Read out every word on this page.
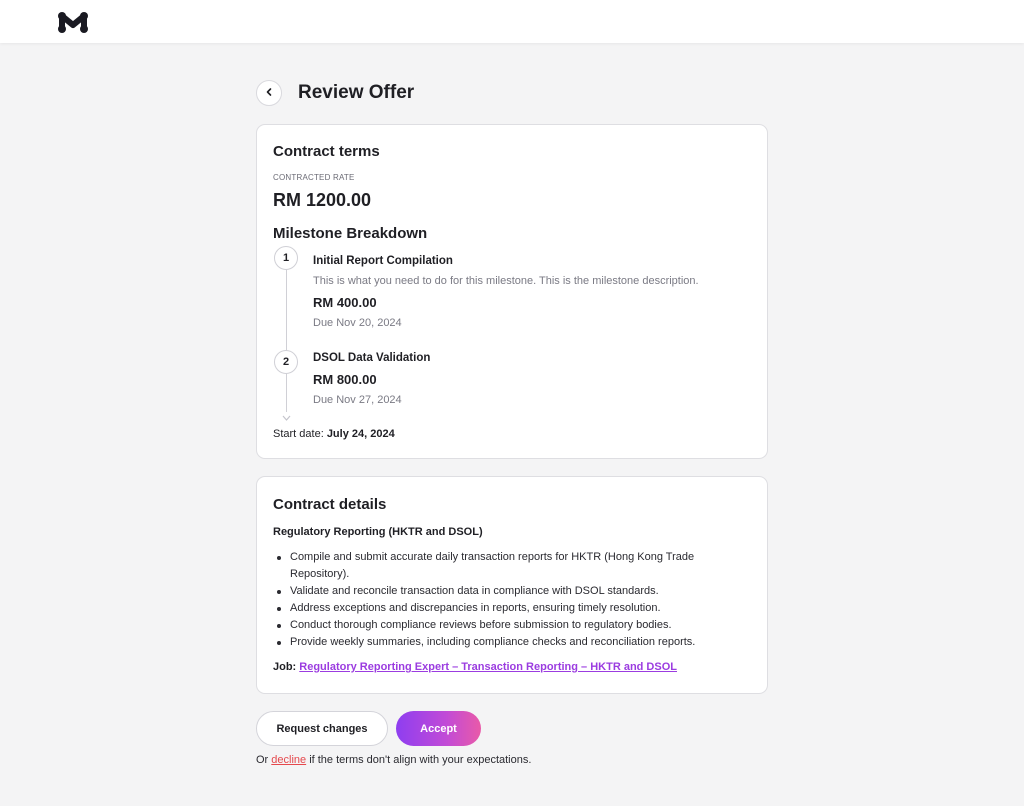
Review Offer
Contract terms
CONTRACTED RATE
RM 1200.00
Milestone Breakdown
1	Initial Report Compilation
This is what you need to do for this milestone. This is the milestone description.
RM 400.00
Due Nov 20, 2024
2	DSOL Data Validation
RM 800.00
Due Nov 27, 2024
Start date: July 24, 2024
Contract details
Regulatory Reporting (HKTR and DSOL)
Compile and submit accurate daily transaction reports for HKTR (Hong Kong Trade Repository).
Validate and reconcile transaction data in compliance with DSOL standards.
Address exceptions and discrepancies in reports, ensuring timely resolution.
Conduct thorough compliance reviews before submission to regulatory bodies.
Provide weekly summaries, including compliance checks and reconciliation reports.
Job: Regulatory Reporting Expert – Transaction Reporting – HKTR and DSOL
Request changes	Accept
Or decline if the terms don't align with your expectations.
